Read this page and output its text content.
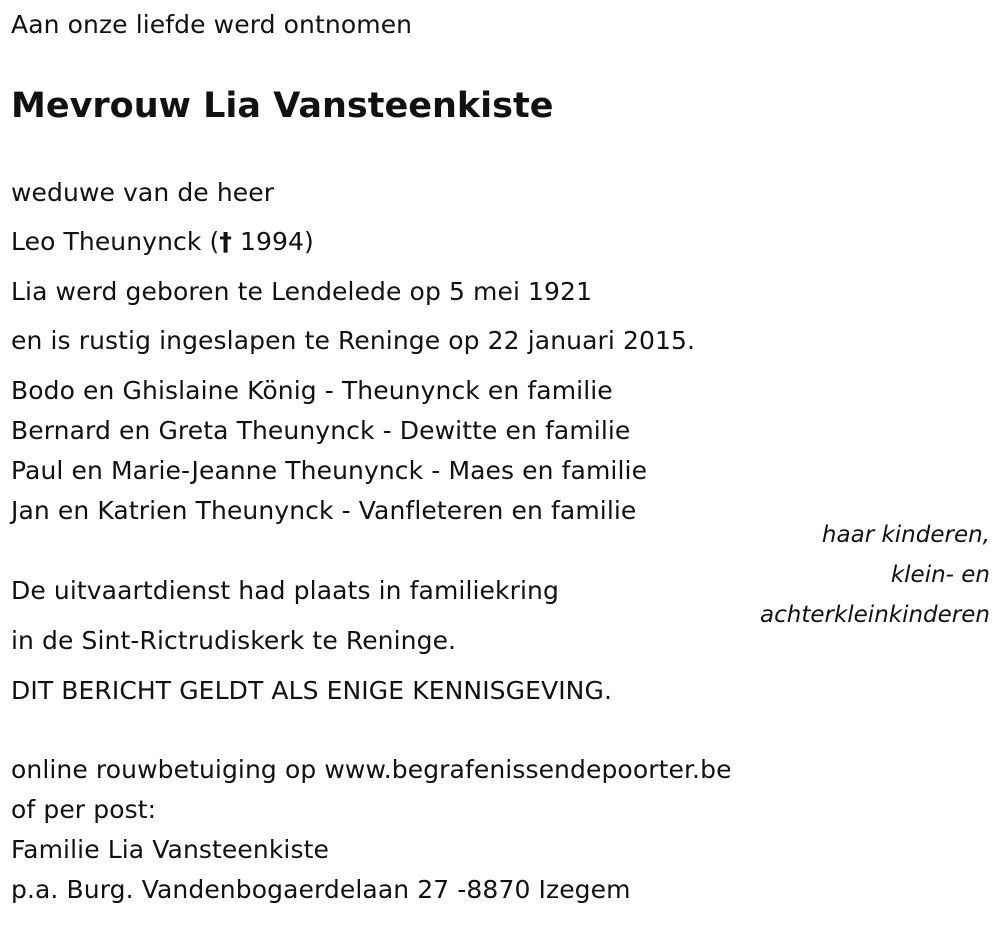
Aan onze liefde werd ontnomen
Mevrouw Lia Vansteenkiste
weduwe van de heer
Leo Theunynck († 1994)
Lia werd geboren te Lendelede op 5 mei 1921
en is rustig ingeslapen te Reninge op 22 januari 2015.
Bodo en Ghislaine König - Theunynck en familie
Bernard en Greta Theunynck - Dewitte en familie
Paul en Marie-Jeanne Theunynck - Maes en familie
Jan en Katrien Theunynck - Vanfleteren en familie
haar kinderen,
klein- en
achterkleinkinderen
De uitvaartdienst had plaats in familiekring
in de Sint-Rictrudiskerk te Reninge.
DIT BERICHT GELDT ALS ENIGE KENNISGEVING.
online rouwbetuiging op www.begrafenissendepoorter.be
of per post:
Familie Lia Vansteenkiste
p.a. Burg. Vandenbogaerdelaan 27 -8870 Izegem
